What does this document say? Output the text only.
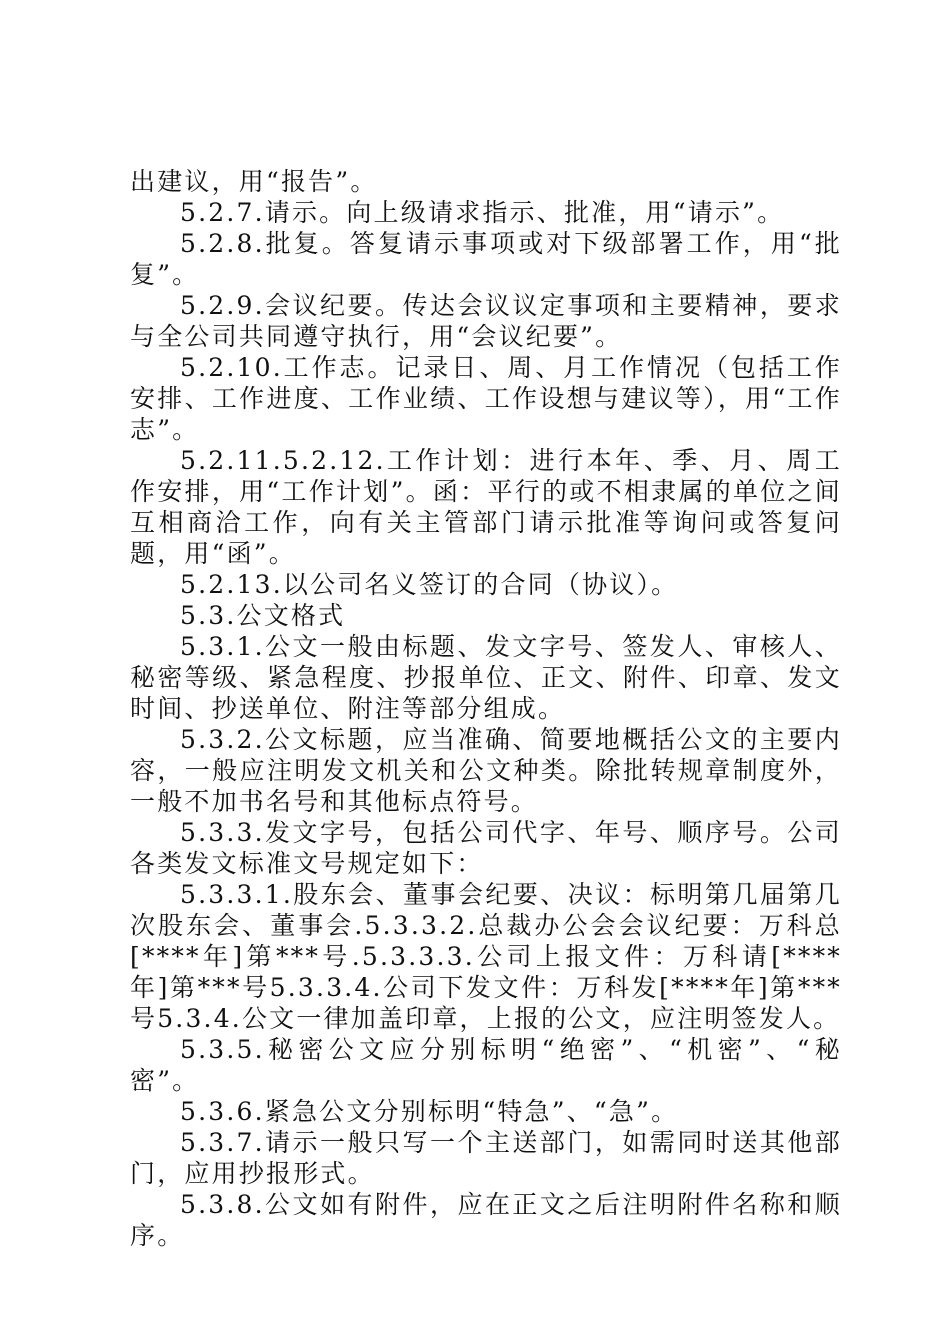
出建议，用“报告”。

5.2.7.请示。向上级请求指示、批准，用“请示”。

5.2.8.批复。答复请示事项或对下级部署工作，用“批复”。

5.2.9.会议纪要。传达会议议定事项和主要精神，要求与全公司共同遵守执行，用“会议纪要”。

5.2.10.工作志。记录日、周、月工作情况（包括工作安排、工作进度、工作业绩、工作设想与建议等），用“工作志”。

5.2.11.5.2.12.工作计划：进行本年、季、月、周工作安排，用“工作计划”。函：平行的或不相隶属的单位之间互相商洽工作，向有关主管部门请示批准等询问或答复问题，用“函”。

5.2.13.以公司名义签订的合同（协议）。

5.3.公文格式

5.3.1.公文一般由标题、发文字号、签发人、审核人、秘密等级、紧急程度、抄报单位、正文、附件、印章、发文时间、抄送单位、附注等部分组成。

5.3.2.公文标题，应当准确、简要地概括公文的主要内容，一般应注明发文机关和公文种类。除批转规章制度外，一般不加书名号和其他标点符号。

5.3.3.发文字号，包括公司代字、年号、顺序号。公司各类发文标准文号规定如下：

5.3.3.1.股东会、董事会纪要、决议：标明第几届第几次股东会、董事会.5.3.3.2.总裁办公会会议纪要：万科总[****年]第***号.5.3.3.3.公司上报文件：万科请[****年]第***号5.3.3.4.公司下发文件：万科发[****年]第***号5.3.4.公文一律加盖印章，上报的公文，应注明签发人。

5.3.5.秘密公文应分别标明“绝密”、“机密”、“秘密”。

5.3.6.紧急公文分别标明“特急”、“急”。

5.3.7.请示一般只写一个主送部门，如需同时送其他部门，应用抄报形式。

5.3.8.公文如有附件，应在正文之后注明附件名称和顺序。
